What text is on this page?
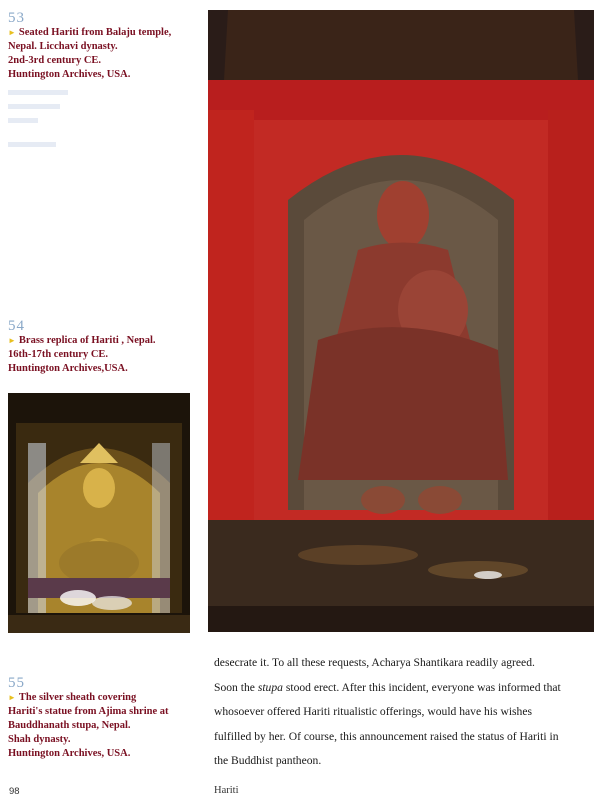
53
► Seated Hariti from Balaju temple,
Nepal. Licchavi dynasty.
2nd-3rd century CE.
Huntington Archives, USA.
54
► Brass replica of Hariti , Nepal.
16th-17th century CE.
Huntington Archives,USA.
55
► The silver sheath covering
Hariti's statue from Ajima shrine at
Bauddhanath stupa, Nepal.
Shah dynasty.
Huntington Archives, USA.
desecrate it. To all these requests, Acharya Shantikara readily agreed.
Soon the stupa stood erect. After this incident, everyone was informed that
whosoever offered Hariti ritualistic offerings, would have his wishes
fulfilled by her. Of course, this announcement raised the status of Hariti in
the Buddhist pantheon.
98	Hariti
